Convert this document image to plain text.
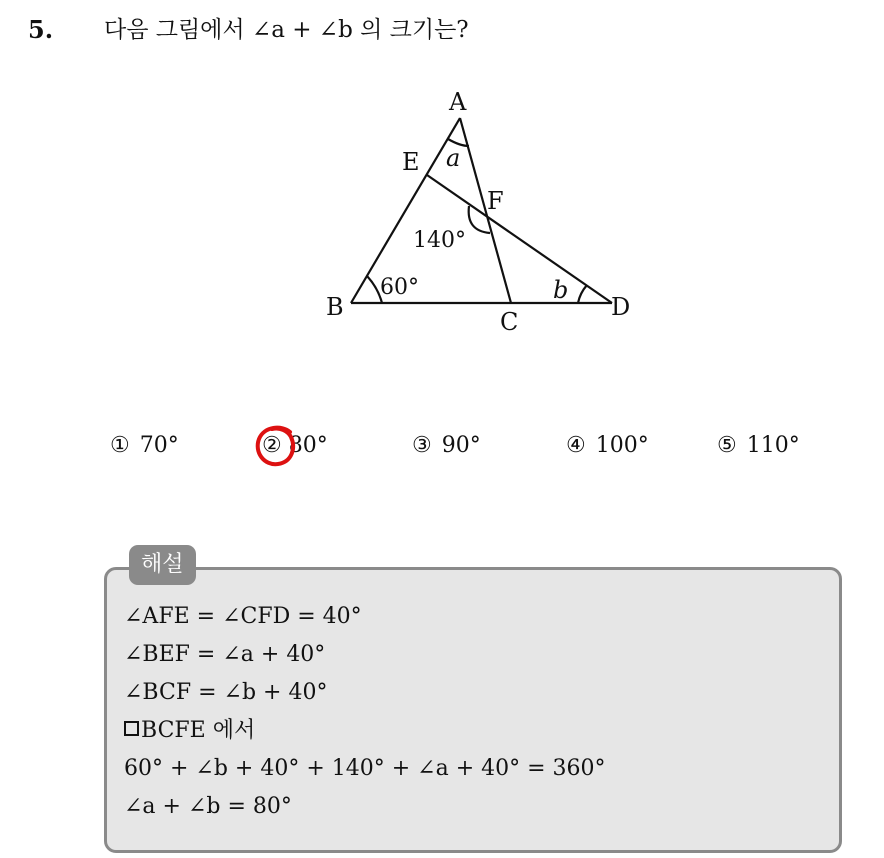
5. 다음 그림에서 ∠a + ∠b 의 크기는?
A
B
C
D
E
F
a
b
60°
140°
① 70°	② 80°	③ 90°	④ 100°	⑤ 110°
해설
∠AFE = ∠CFD = 40°
∠BEF = ∠a + 40°
∠BCF = ∠b + 40°
BCFE 에서
60° + ∠b + 40° + 140° + ∠a + 40° = 360°
∠a + ∠b = 80°
